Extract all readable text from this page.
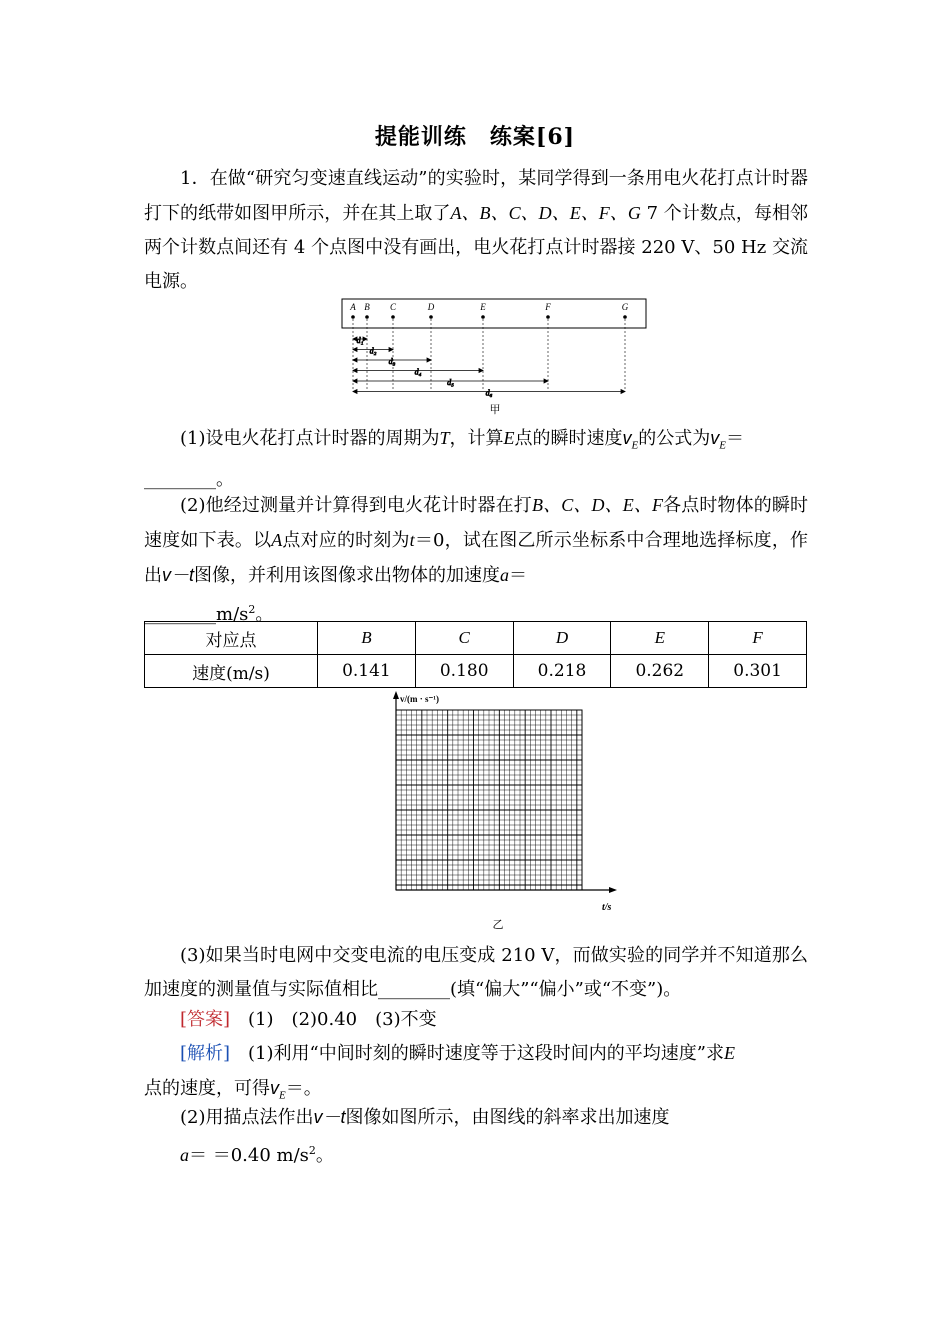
提能训练　练案[6]
1．在做“研究匀变速直线运动”的实验时，某同学得到一条用电火花打点计时器打下的纸带如图甲所示，并在其上取了A、B、C、D、E、F、G 7 个计数点，每相邻两个计数点间还有 4 个点图中没有画出，电火花打点计时器接 220 V、50 Hz 交流电源。
A B C	D	E	F	G
d₁
d₂
d₃
d₄
d₅
d₆
甲
(1)设电火花打点计时器的周期为T，计算E点的瞬时速度$v_E$的公式为$v_E=$
________。
(2)他经过测量并计算得到电火花计时器在打B、C、D、E、F各点时物体的瞬时速度如下表。以A点对应的时刻为t＝0，试在图乙所示坐标系中合理地选择标度，作出v－t图像，并利用该图像求出物体的加速度a＝
$\_\_\_\_\_\_\_\_m/s^2$。
对应点	B	C	D	E	F
速度(m/s)	0.141	0.180	0.218	0.262	0.301
v/(m · s⁻¹)
t/s
乙
(3)如果当时电网中交变电流的电压变成 210 V，而做实验的同学并不知道那么加速度的测量值与实际值相比________(填“偏大”“偏小”或“不变”)。
[答案]　 (1)　(2)0.40　(3)不变
[解析]　 (1)利用“中间时刻的瞬时速度等于这段时间内的平均速度”求E
点的速度，可得$v_E=$。
(2)用描点法作出v－t图像如图所示，由图线的斜率求出加速度
a＝ ＝0.40 $m/s^2$。
